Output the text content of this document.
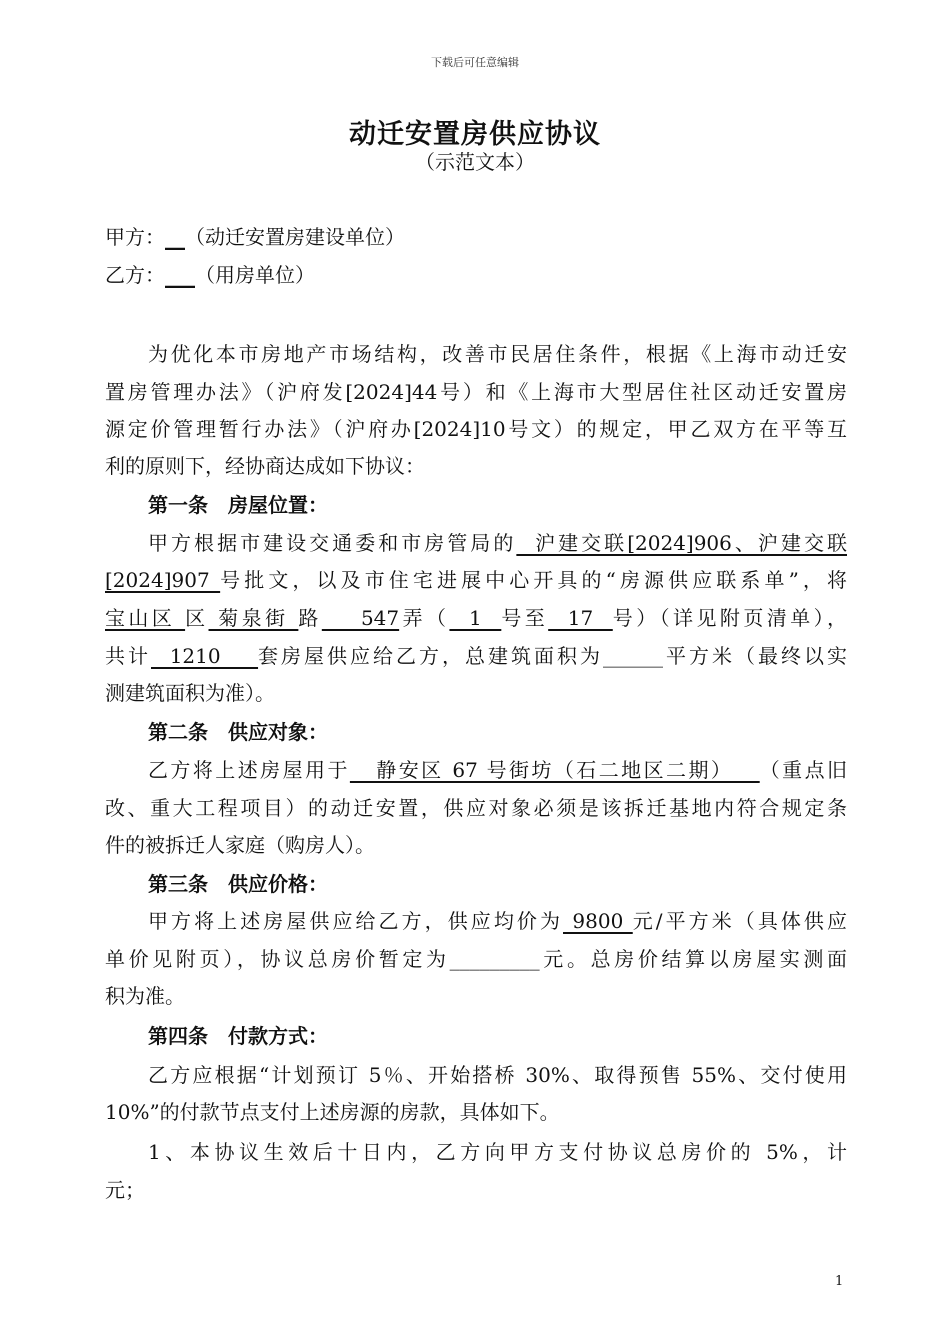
下载后可任意编辑
动迁安置房供应协议
（示范文本）
甲方：__（动迁安置房建设单位）
乙方：___（用房单位）
为优化本市房地产市场结构，改善市民居住条件，根据《上海市动迁安
置房管理办法》（沪府发[2024]44号）和《上海市大型居住社区动迁安置房
源定价管理暂行办法》（沪府办[2024]10号文）的规定，甲乙双方在平等互
利的原则下，经协商达成如下协议：
第一条　房屋位置：
甲方根据市建设交通委和市房管局的  沪建交联[2024]906、沪建交联
[2024]907 号批文，以及市住宅进展中心开具的“房源供应联系单”，将
宝山区 区 菊泉街 路    547弄（  1  号至  17  号）（详见附页清单），
共计  1210    套房屋供应给乙方，总建筑面积为______平方米（最终以实
测建筑面积为准）。
第二条　供应对象：
乙方将上述房屋用于   静安区 67 号街坊（石二地区二期）   （重点旧
改、重大工程项目）的动迁安置，供应对象必须是该拆迁基地内符合规定条
件的被拆迁人家庭（购房人）。
第三条　供应价格：
甲方将上述房屋供应给乙方，供应均价为 9800 元/平方米（具体供应
单价见附页），协议总房价暂定为_________元。总房价结算以房屋实测面
积为准。
第四条　付款方式：
乙方应根据“计划预订 5％、开始搭桥 30%、取得预售 55%、交付使用
10%”的付款节点支付上述房源的房款，具体如下。
1、本协议生效后十日内，乙方向甲方支付协议总房价的 5%，计
元；
1
